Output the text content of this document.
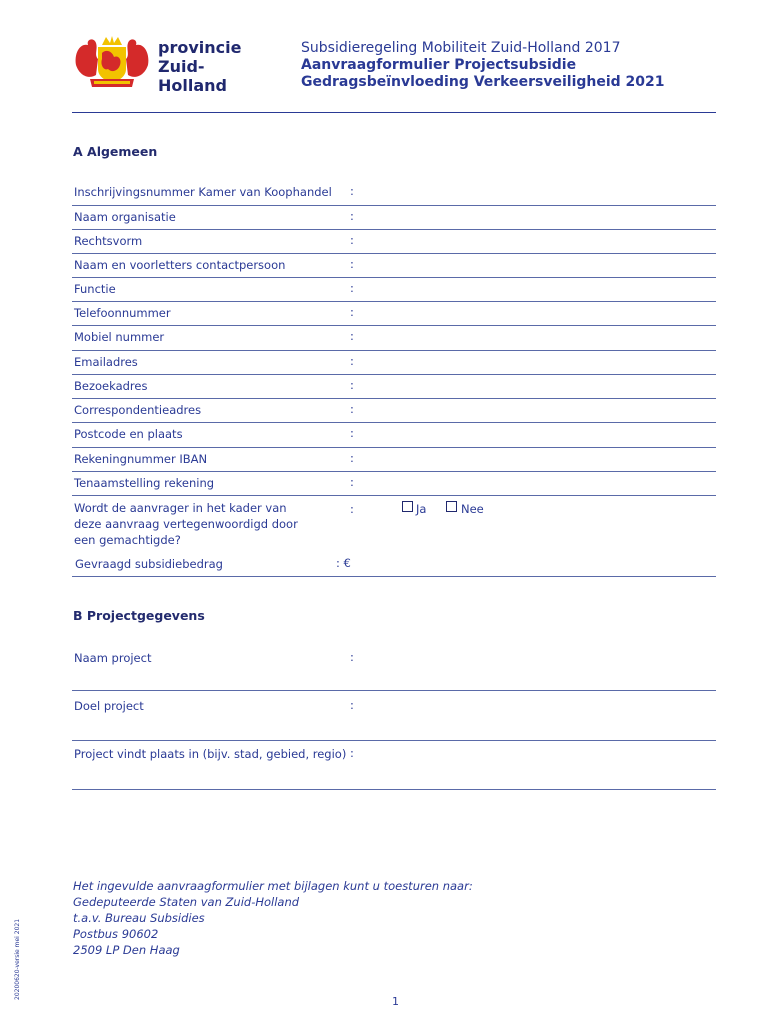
provincie
Zuid-Holland
Subsidieregeling Mobiliteit Zuid-Holland 2017
Aanvraagformulier Projectsubsidie
Gedragsbeïnvloeding Verkeersveiligheid 2021
A Algemeen
Inschrijvingsnummer Kamer van Koophandel :
Naam organisatie	:
Rechtsvorm	:
Naam en voorletters contactpersoon	:
Functie	:
Telefoonnummer	:
Mobiel nummer	:
Emailadres	:
Bezoekadres	:
Correspondentieadres	:
Postcode en plaats	:
Rekeningnummer IBAN	:
Tenaamstelling rekening	:
Wordt de aanvrager in het kader van deze aanvraag vertegenwoordigd door een gemachtigde?
:	Ja	Nee
Gevraagd subsidiebedrag	: €
B Projectgegevens
Naam project	:
Doel project	:
Project vindt plaats in (bijv. stad, gebied, regio) :
Het ingevulde aanvraagformulier met bijlagen kunt u toesturen naar:
Gedeputeerde Staten van Zuid-Holland
t.a.v. Bureau Subsidies
Postbus 90602
2509 LP Den Haag
20200620-versie mei 2021
1
